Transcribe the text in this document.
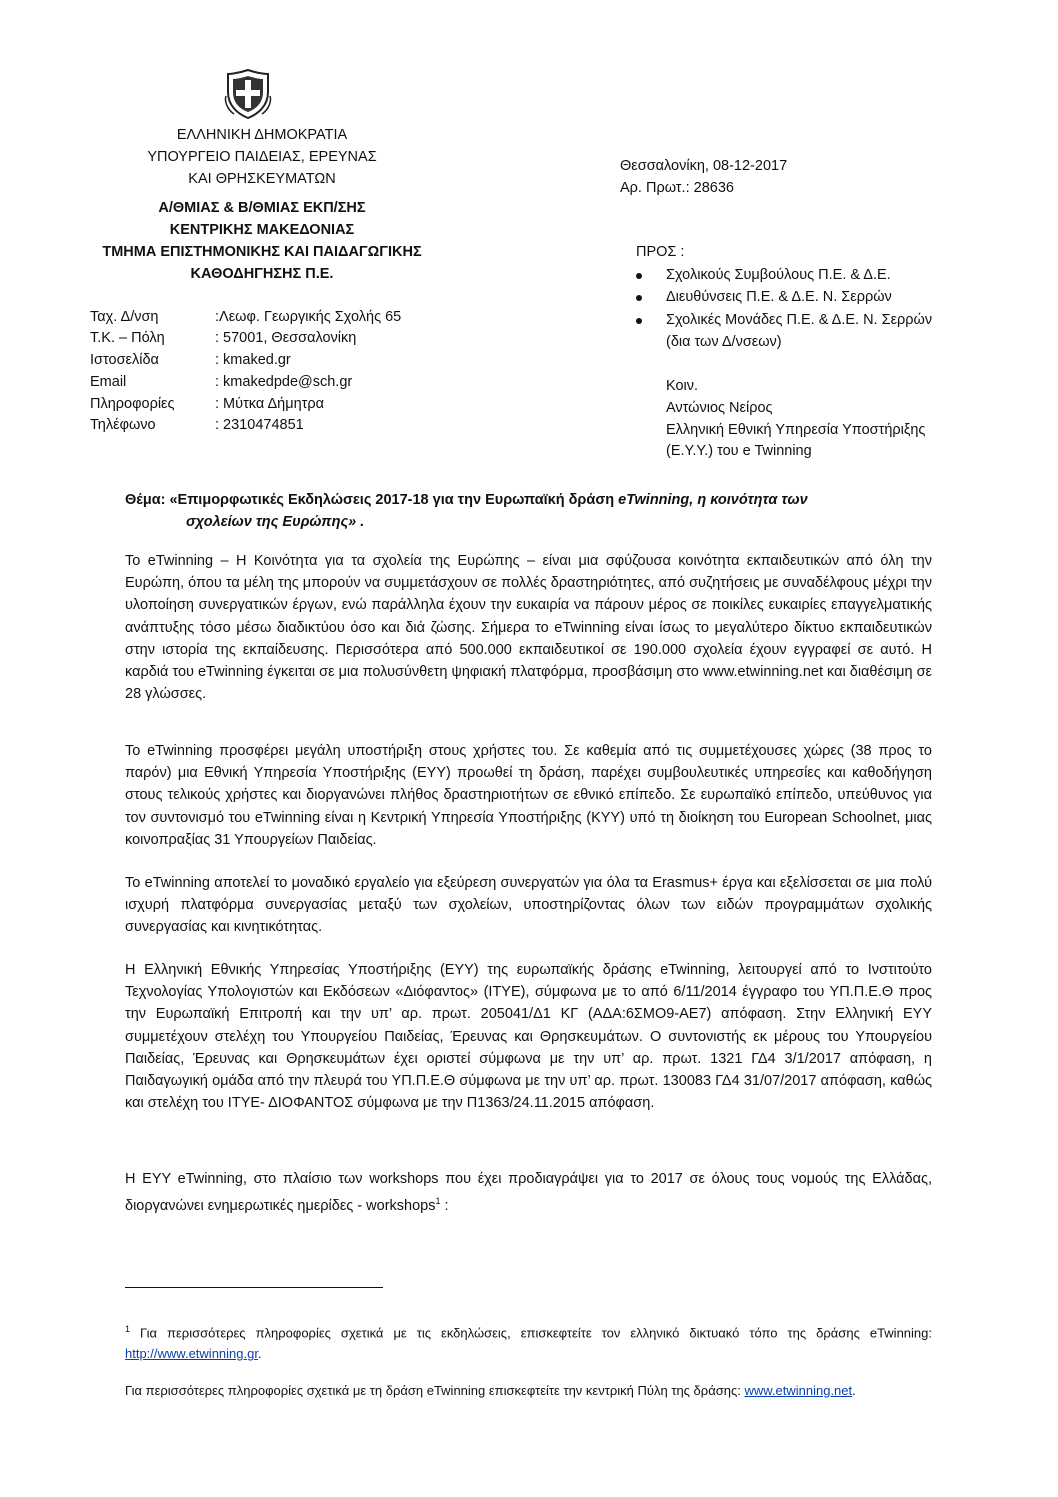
ΕΛΛΗΝΙΚΗ ΔΗΜΟΚΡΑΤΙΑ
ΥΠΟΥΡΓΕΙΟ ΠΑΙΔΕΙΑΣ, ΕΡΕΥΝΑΣ
ΚΑΙ ΘΡΗΣΚΕΥΜΑΤΩΝ
Α/ΘΜΙΑΣ & Β/ΘΜΙΑΣ ΕΚΠ/ΣΗΣ
ΚΕΝΤΡΙΚΗΣ ΜΑΚΕΔΟΝΙΑΣ
ΤΜΗΜΑ ΕΠΙΣΤΗΜΟΝΙΚΗΣ ΚΑΙ ΠΑΙΔΑΓΩΓΙΚΗΣ
ΚΑΘΟΔΗΓΗΣΗΣ Π.Ε.
Ταχ. Δ/νση	:Λεωφ. Γεωργικής Σχολής 65
Τ.Κ. – Πόλη	: 57001, Θεσσαλονίκη
Ιστοσελίδα	: kmaked.gr
Email	: kmakedpde@sch.gr
Πληροφορίες	: Μύτκα Δήμητρα
Τηλέφωνο	: 2310474851
Θεσσαλονίκη, 08-12-2017
Αρ. Πρωτ.: 28636
ΠΡΟΣ :
Σχολικούς Συμβούλους Π.Ε. & Δ.Ε.
Διευθύνσεις Π.Ε. & Δ.Ε. Ν. Σερρών
Σχολικές Μονάδες Π.Ε. & Δ.Ε. Ν. Σερρών
(δια των Δ/νσεων)
Κοιν.
Αντώνιος Νείρος
Ελληνική Εθνική Υπηρεσία Υποστήριξης
(Ε.Υ.Υ.) του e Twinning
Θέμα: «Επιμορφωτικές Εκδηλώσεις 2017-18 για την Ευρωπαϊκή δράση eTwinning, η κοινότητα των
σχολείων της Ευρώπης» .

Το eTwinning – Η Κοινότητα για τα σχολεία της Ευρώπης – είναι μια σφύζουσα κοινότητα εκπαιδευτικών από όλη την Ευρώπη, όπου τα μέλη της μπορούν να συμμετάσχουν σε πολλές δραστηριότητες, από συζητήσεις με συναδέλφους μέχρι την υλοποίηση συνεργατικών έργων, ενώ παράλληλα έχουν την ευκαιρία να πάρουν μέρος σε ποικίλες ευκαιρίες επαγγελματικής ανάπτυξης τόσο μέσω διαδικτύου όσο και διά ζώσης. Σήμερα το eTwinning είναι ίσως το μεγαλύτερο δίκτυο εκπαιδευτικών στην ιστορία της εκπαίδευσης. Περισσότερα από 500.000 εκπαιδευτικοί σε 190.000 σχολεία έχουν εγγραφεί σε αυτό. Η καρδιά του eTwinning έγκειται σε μια πολυσύνθετη ψηφιακή πλατφόρμα, προσβάσιμη στο www.etwinning.net και διαθέσιμη σε 28 γλώσσες.

Το eTwinning προσφέρει μεγάλη υποστήριξη στους χρήστες του. Σε καθεμία από τις συμμετέχουσες χώρες (38 προς το παρόν) μια Εθνική Υπηρεσία Υποστήριξης (ΕΥΥ) προωθεί τη δράση, παρέχει συμβουλευτικές υπηρεσίες και καθοδήγηση στους τελικούς χρήστες και διοργανώνει πλήθος δραστηριοτήτων σε εθνικό επίπεδο. Σε ευρωπαϊκό επίπεδο, υπεύθυνος για τον συντονισμό του eTwinning είναι η Κεντρική Υπηρεσία Υποστήριξης (ΚΥΥ) υπό τη διοίκηση του European Schoolnet, μιας κοινοπραξίας 31 Υπουργείων Παιδείας.

Το eTwinning αποτελεί το μοναδικό εργαλείο για εξεύρεση συνεργατών για όλα τα Erasmus+ έργα και εξελίσσεται σε μια πολύ ισχυρή πλατφόρμα συνεργασίας μεταξύ των σχολείων, υποστηρίζοντας όλων των ειδών προγραμμάτων σχολικής συνεργασίας και κινητικότητας.

Η Ελληνική Εθνικής Υπηρεσίας Υποστήριξης (ΕΥΥ) της ευρωπαϊκής δράσης eTwinning, λειτουργεί από το Ινστιτούτο Τεχνολογίας Υπολογιστών και Εκδόσεων «Διόφαντος» (ΙΤΥΕ), σύμφωνα με το από 6/11/2014 έγγραφο του ΥΠ.Π.Ε.Θ προς την Ευρωπαϊκή Επιτροπή και την υπ’ αρ. πρωτ. 205041/Δ1 ΚΓ (ΑΔΑ:6ΣΜΟ9-ΑΕ7) απόφαση. Στην Ελληνική ΕΥΥ συμμετέχουν στελέχη του Υπουργείου Παιδείας, Έρευνας και Θρησκευμάτων. Ο συντονιστής εκ μέρους του Υπουργείου Παιδείας, Έρευνας και Θρησκευμάτων έχει οριστεί σύμφωνα με την υπ’ αρ. πρωτ. 1321 ΓΔ4 3/1/2017 απόφαση, η Παιδαγωγική ομάδα από την πλευρά του ΥΠ.Π.Ε.Θ σύμφωνα με την υπ’ αρ. πρωτ. 130083 ΓΔ4 31/07/2017 απόφαση, καθώς και στελέχη του ΙΤΥΕ- ΔΙΟΦΑΝΤΟΣ σύμφωνα με την Π1363/24.11.2015 απόφαση.

Η ΕΥΥ eTwinning, στο πλαίσιο των workshops που έχει προδιαγράψει για το 2017 σε όλους τους νομούς της Ελλάδας, διοργανώνει ενημερωτικές ημερίδες - workshops$^1$ :

$^1$ Για περισσότερες πληροφορίες σχετικά με τις εκδηλώσεις, επισκεφτείτε τον ελληνικό δικτυακό τόπο της δράσης eTwinning: http://www.etwinning.gr.
Για περισσότερες πληροφορίες σχετικά με τη δράση eTwinning επισκεφτείτε την κεντρική Πύλη της δράσης: www.etwinning.net.
